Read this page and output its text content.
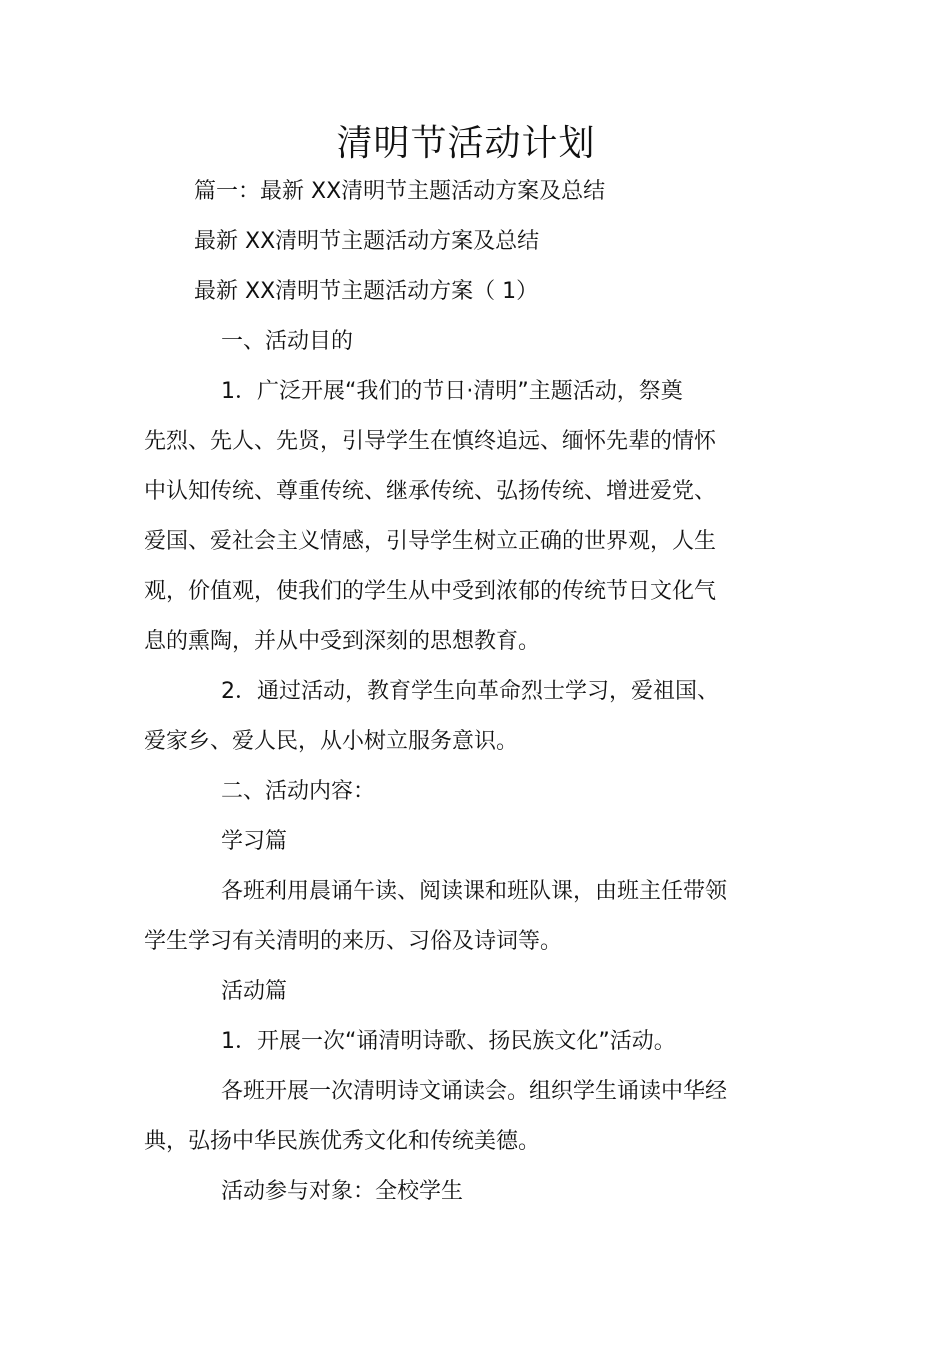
清明节活动计划
篇一：最新 XX清明节主题活动方案及总结
最新 XX清明节主题活动方案及总结
最新 XX清明节主题活动方案（ 1）
一、活动目的
1．广泛开展“我们的节日·清明”主题活动，祭奠
先烈、先人、先贤，引导学生在慎终追远、缅怀先辈的情怀
中认知传统、尊重传统、继承传统、弘扬传统、增进爱党、
爱国、爱社会主义情感，引导学生树立正确的世界观，人生
观，价值观，使我们的学生从中受到浓郁的传统节日文化气
息的熏陶，并从中受到深刻的思想教育。
2．通过活动，教育学生向革命烈士学习，爱祖国、
爱家乡、爱人民，从小树立服务意识。
二、活动内容：
学习篇
各班利用晨诵午读、阅读课和班队课，由班主任带领
学生学习有关清明的来历、习俗及诗词等。
活动篇
1．开展一次“诵清明诗歌、扬民族文化”活动。
各班开展一次清明诗文诵读会。组织学生诵读中华经
典，弘扬中华民族优秀文化和传统美德。
活动参与对象：全校学生
